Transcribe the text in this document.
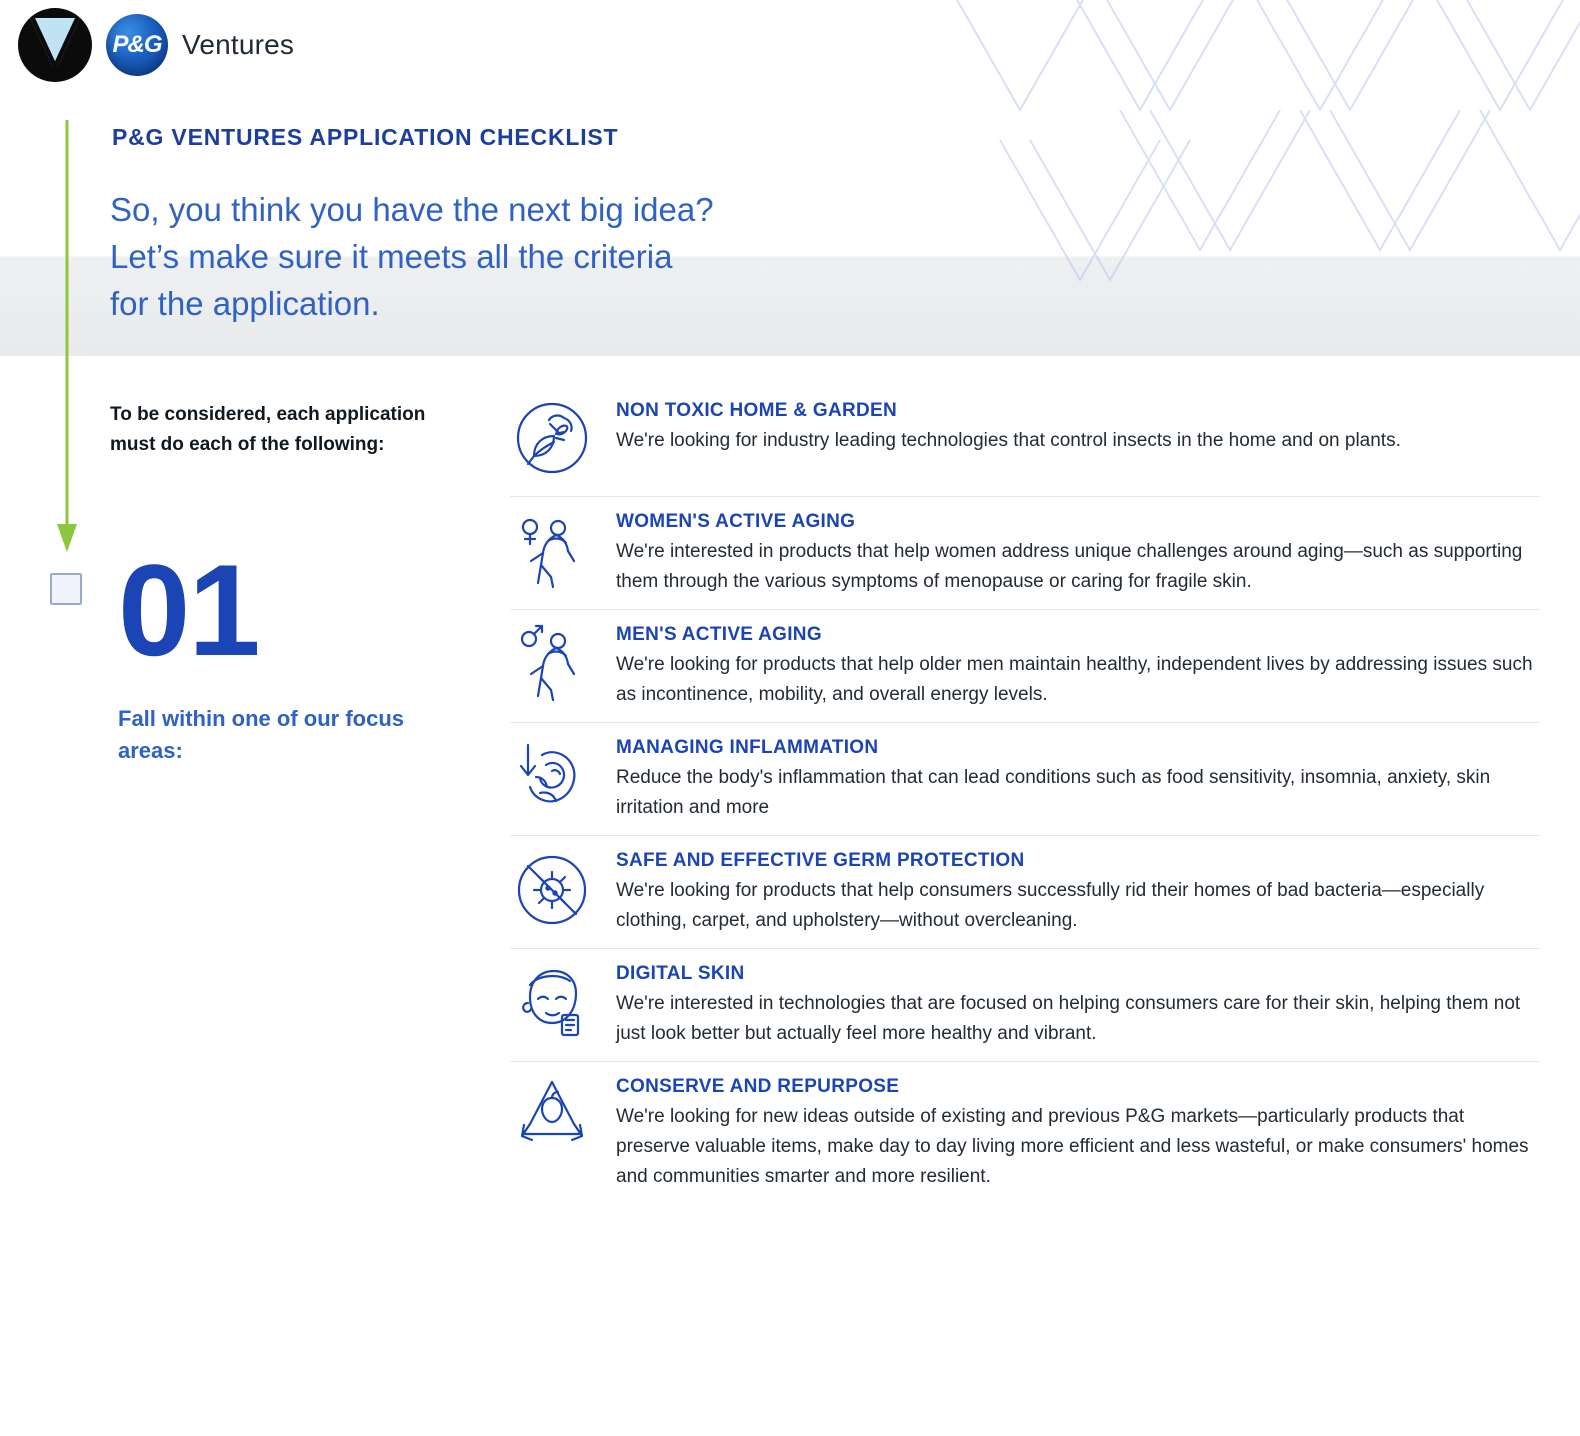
P&G Ventures
P&G VENTURES APPLICATION CHECKLIST
So, you think you have the next big idea?
Let’s make sure it meets all the criteria
for the application.
To be considered, each application must do each of the following:
01
Fall within one of our focus areas:
NON TOXIC HOME & GARDEN
We're looking for industry leading technologies that control insects in the home and on plants.
WOMEN'S ACTIVE AGING
We're interested in products that help women address unique challenges around aging—such as supporting them through the various symptoms of menopause or caring for fragile skin.
MEN'S ACTIVE AGING
We're looking for products that help older men maintain healthy, independent lives by addressing issues such as incontinence, mobility, and overall energy levels.
MANAGING INFLAMMATION
Reduce the body's inflammation that can lead conditions such as food sensitivity, insomnia, anxiety, skin irritation and more
SAFE AND EFFECTIVE GERM PROTECTION
We're looking for products that help consumers successfully rid their homes of bad bacteria—especially clothing, carpet, and upholstery—without overcleaning.
DIGITAL SKIN
We're interested in technologies that are focused on helping consumers care for their skin, helping them not just look better but actually feel more healthy and vibrant.
CONSERVE AND REPURPOSE
We're looking for new ideas outside of existing and previous P&G markets—particularly products that preserve valuable items, make day to day living more efficient and less wasteful, or make consumers' homes and communities smarter and more resilient.
